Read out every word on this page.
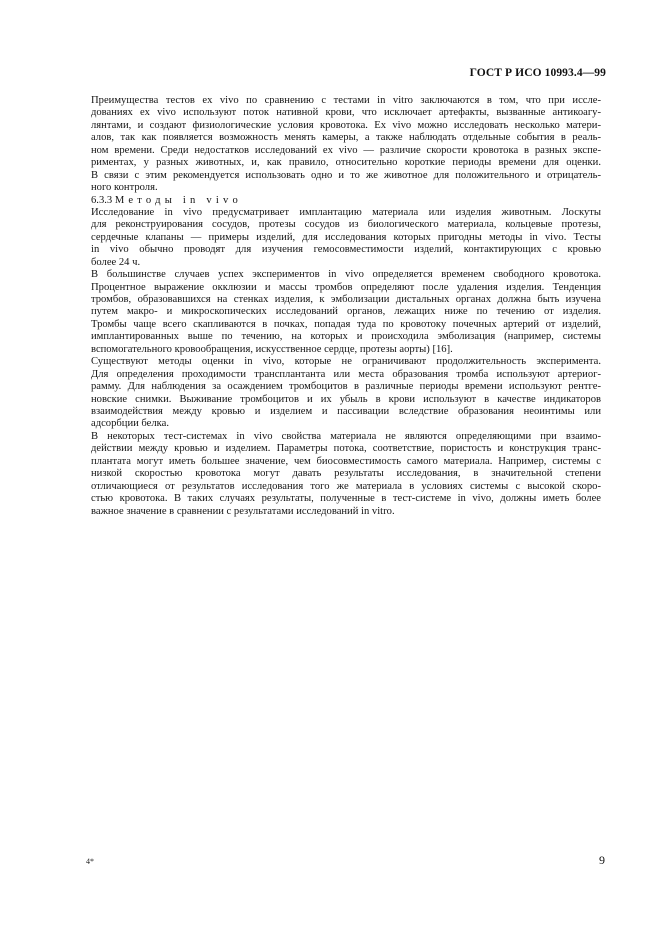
ГОСТ Р ИСО 10993.4—99
Преимущества тестов ex vivo по сравнению с тестами in vitro заключаются в том, что при иссле-
дованиях ex vivo используют поток нативной крови, что исключает артефакты, вызванные антикоагу-
лянтами, и создают физиологические условия кровотока. Ex vivo можно исследовать несколько матери-
алов, так как появляется возможность менять камеры, а также наблюдать отдельные события в реаль-
ном времени. Среди недостатков исследований ex vivo — различие скорости кровотока в разных экспе-
риментах, у разных животных, и, как правило, относительно короткие периоды времени для оценки.
В связи с этим рекомендуется использовать одно и то же животное для положительного и отрицатель-
ного контроля.
6.3.3 Методы in vivo
Исследование in vivo предусматривает имплантацию материала или изделия животным. Лоскуты
для реконструирования сосудов, протезы сосудов из биологического материала, кольцевые протезы,
сердечные клапаны — примеры изделий, для исследования которых пригодны методы in vivo. Тесты
in vivo обычно проводят для изучения гемосовместимости изделий, контактирующих с кровью
более 24 ч.
В большинстве случаев успех экспериментов in vivo определяется временем свободного кровотока.
Процентное выражение окклюзии и массы тромбов определяют после удаления изделия. Тенденция
тромбов, образовавшихся на стенках изделия, к эмболизации дистальных органах должна быть изучена
путем макро- и микроскопических исследований органов, лежащих ниже по течению от изделия.
Тромбы чаще всего скапливаются в почках, попадая туда по кровотоку почечных артерий от изделий,
имплантированных выше по течению, на которых и происходила эмболизация (например, системы
вспомогательного кровообращения, искусственное сердце, протезы аорты) [16].
Существуют методы оценки in vivo, которые не ограничивают продолжительность эксперимента.
Для определения проходимости трансплантанта или места образования тромба используют артериог-
рамму. Для наблюдения за осаждением тромбоцитов в различные периоды времени используют рентге-
новские снимки. Выживание тромбоцитов и их убыль в крови используют в качестве индикаторов
взаимодействия между кровью и изделием и пассивации вследствие образования неоинтимы или
адсорбции белка.
В некоторых тест-системах in vivo свойства материала не являются определяющими при взаимо-
действии между кровью и изделием. Параметры потока, соответствие, пористость и конструкция транс-
плантата могут иметь большее значение, чем биосовместимость самого материала. Например, системы с
низкой скоростью кровотока могут давать результаты исследования, в значительной степени
отличающиеся от результатов исследования того же материала в условиях системы с высокой скоро-
стью кровотока. В таких случаях результаты, полученные в тест-системе in vivo, должны иметь более
важное значение в сравнении с результатами исследований in vitro.
4*	9
